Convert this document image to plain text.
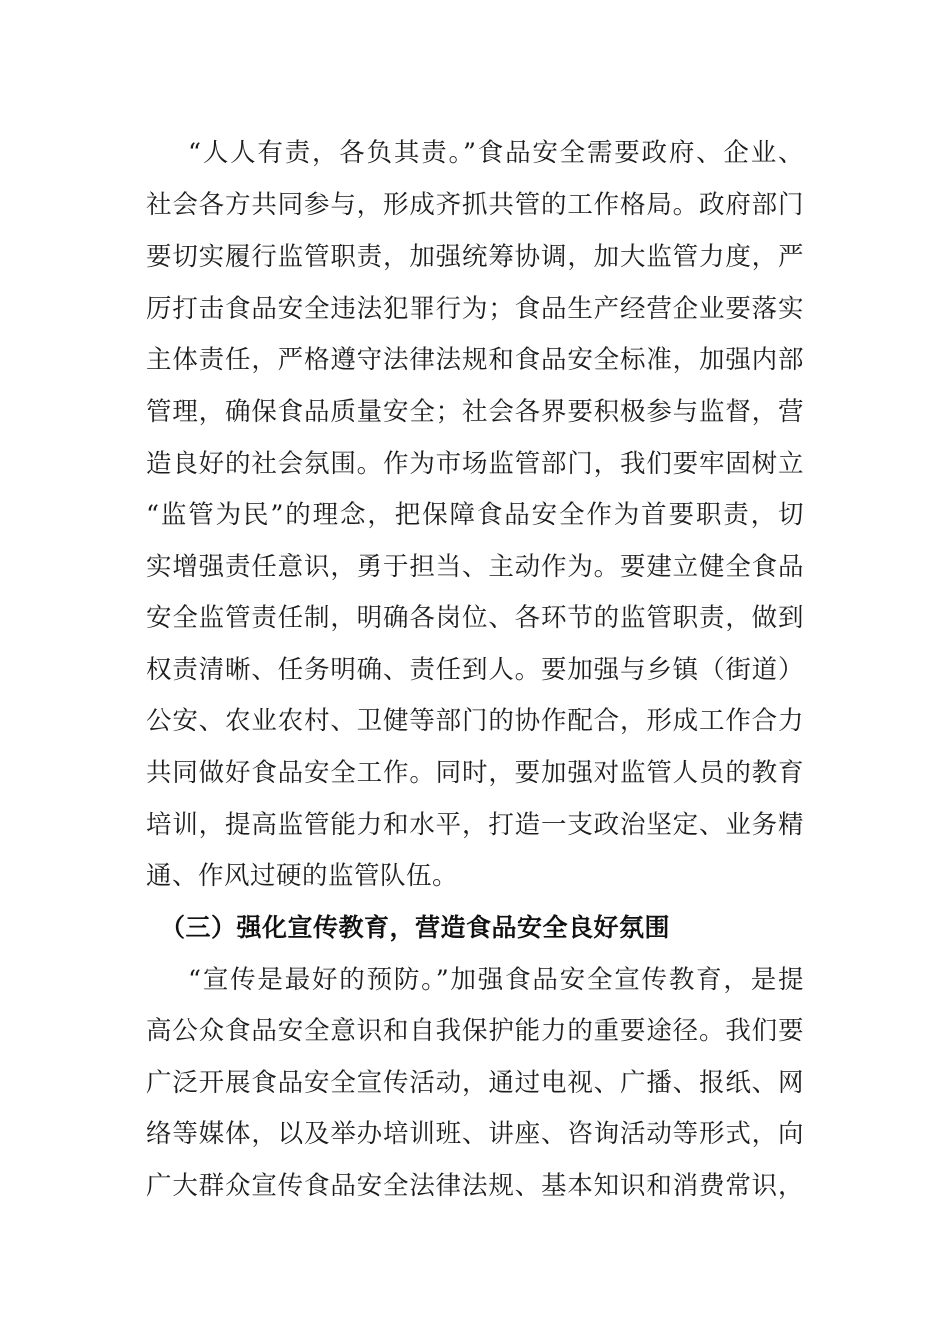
“人人有责，各负其责。”食品安全需要政府、企业、
社会各方共同参与，形成齐抓共管的工作格局。政府部门
要切实履行监管职责，加强统筹协调，加大监管力度，严
厉打击食品安全违法犯罪行为；食品生产经营企业要落实
主体责任，严格遵守法律法规和食品安全标准，加强内部
管理，确保食品质量安全；社会各界要积极参与监督，营
造良好的社会氛围。作为市场监管部门，我们要牢固树立
“监管为民”的理念，把保障食品安全作为首要职责，切
实增强责任意识，勇于担当、主动作为。要建立健全食品
安全监管责任制，明确各岗位、各环节的监管职责，做到
权责清晰、任务明确、责任到人。要加强与乡镇（街道）
公安、农业农村、卫健等部门的协作配合，形成工作合力
共同做好食品安全工作。同时，要加强对监管人员的教育
培训，提高监管能力和水平，打造一支政治坚定、业务精
通、作风过硬的监管队伍。
（三）强化宣传教育，营造食品安全良好氛围
“宣传是最好的预防。”加强食品安全宣传教育，是提
高公众食品安全意识和自我保护能力的重要途径。我们要
广泛开展食品安全宣传活动，通过电视、广播、报纸、网
络等媒体，以及举办培训班、讲座、咨询活动等形式，向
广大群众宣传食品安全法律法规、基本知识和消费常识，
